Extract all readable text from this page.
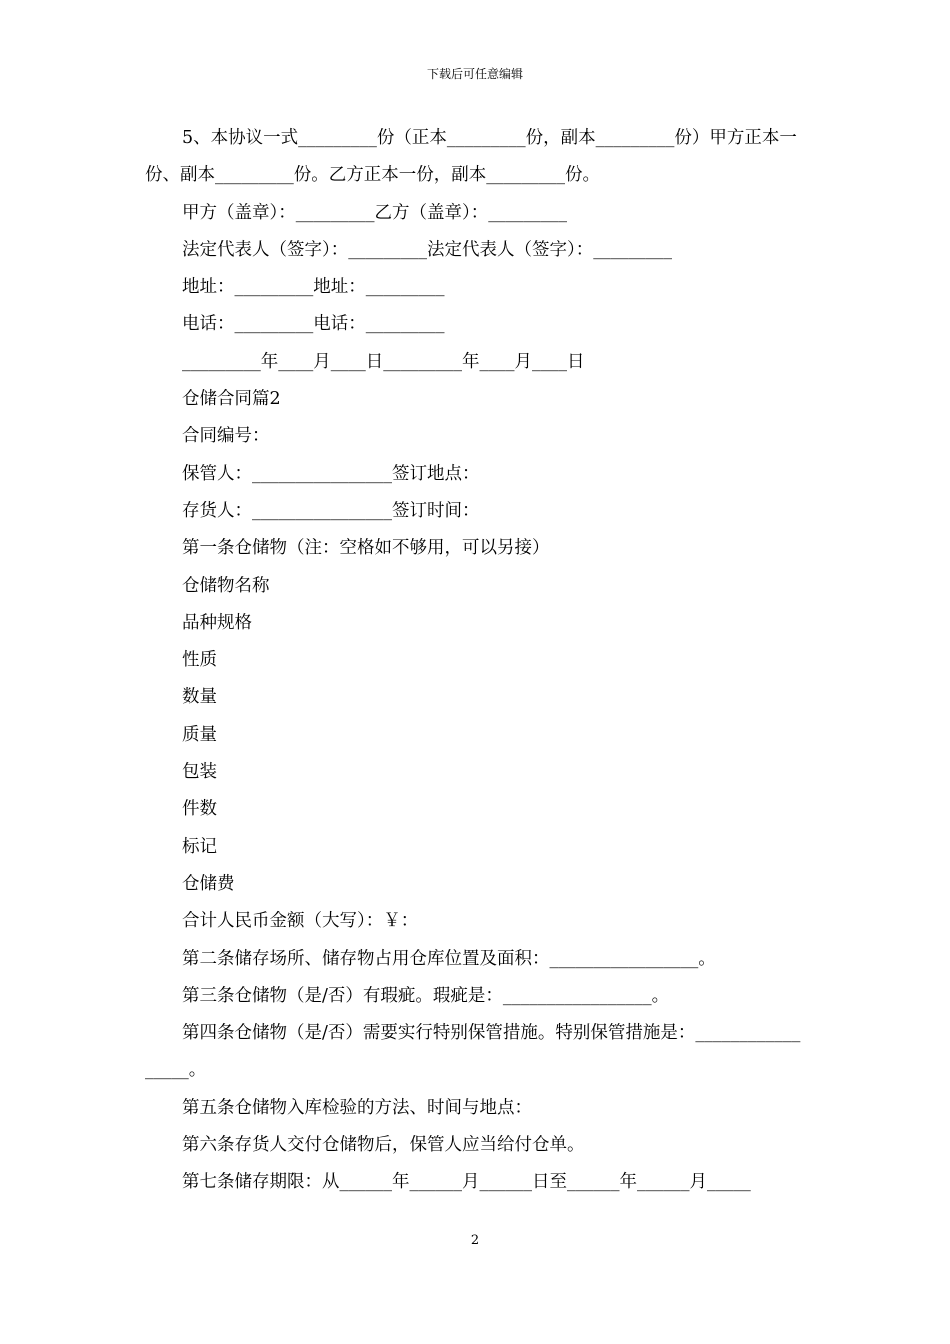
下载后可任意编辑

5、本协议一式_________份（正本_________份，副本_________份）甲方正本一份、副本_________份。乙方正本一份，副本_________份。

甲方（盖章）：_________乙方（盖章）：_________

法定代表人（签字）：_________法定代表人（签字）：_________

地址：_________地址：_________

电话：_________电话：_________

_________年____月____日_________年____月____日

仓储合同篇2

合同编号：

保管人：________________签订地点：

存货人：________________签订时间：

第一条仓储物（注：空格如不够用，可以另接）

仓储物名称

品种规格

性质

数量

质量

包装

件数

标记

仓储费

合计人民币金额（大写）：￥：

第二条储存场所、储存物占用仓库位置及面积：_________________。

第三条仓储物（是/否）有瑕疵。瑕疵是：_________________。

第四条仓储物（是/否）需要实行特别保管措施。特别保管措施是：_________________。

第五条仓储物入库检验的方法、时间与地点：

第六条存货人交付仓储物后，保管人应当给付仓单。

第七条储存期限：从______年______月______日至______年______月_____

2
